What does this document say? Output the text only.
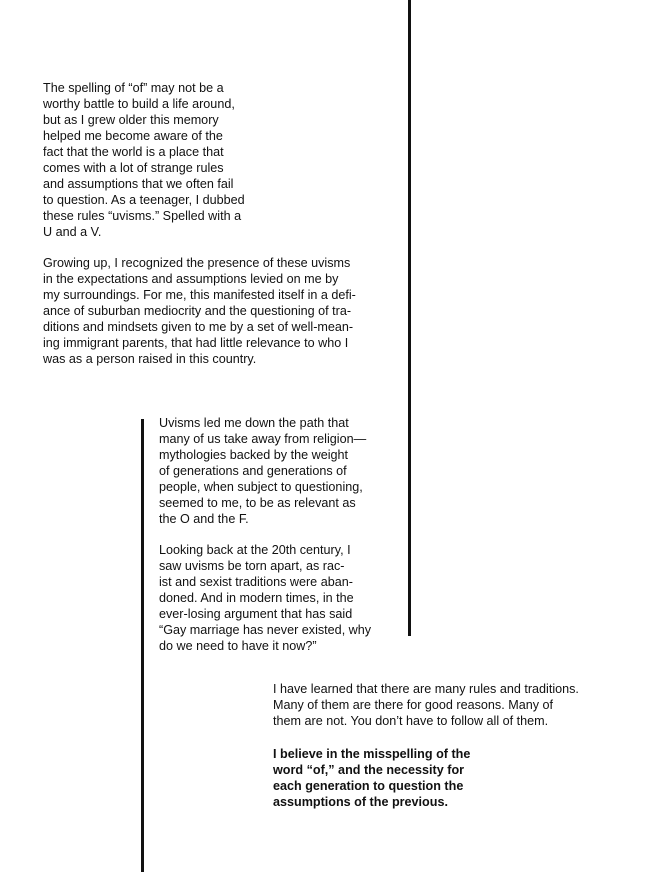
The spelling of “of” may not be a
worthy battle to build a life around,
but as I grew older this memory
helped me become aware of the
fact that the world is a place that
comes with a lot of strange rules
and assumptions that we often fail
to question. As a teenager, I dubbed
these rules “uvisms.” Spelled with a
U and a V.

Growing up, I recognized the presence of these uvisms
in the expectations and assumptions levied on me by
my surroundings. For me, this manifested itself in a defi-
ance of suburban mediocrity and the questioning of tra-
ditions and mindsets given to me by a set of well-mean-
ing immigrant parents, that had little relevance to who I
was as a person raised in this country.

Uvisms led me down the path that
many of us take away from religion—
mythologies backed by the weight
of generations and generations of
people, when subject to questioning,
seemed to me, to be as relevant as
the O and the F.

Looking back at the 20th century, I
saw uvisms be torn apart, as rac-
ist and sexist traditions were aban-
doned. And in modern times, in the
ever-losing argument that has said
“Gay marriage has never existed, why
do we need to have it now?”

I have learned that there are many rules and traditions.
Many of them are there for good reasons. Many of
them are not. You don’t have to follow all of them.

I believe in the misspelling of the
word “of,” and the necessity for
each generation to question the
assumptions of the previous.
